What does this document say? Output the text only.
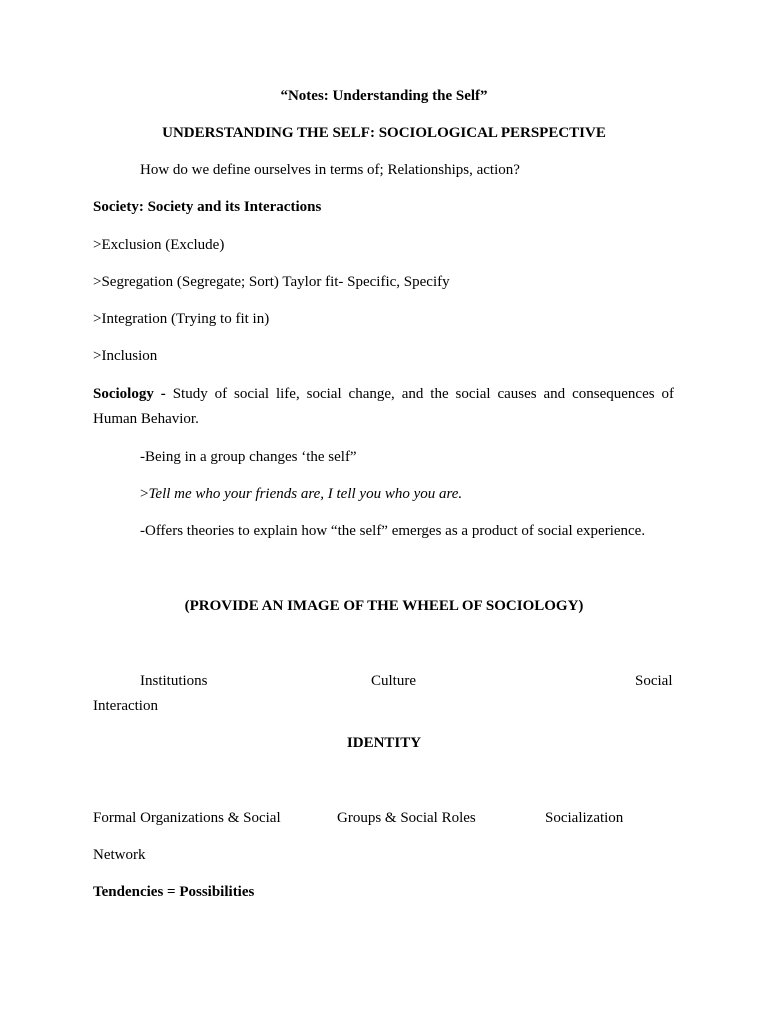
“Notes: Understanding the Self”
UNDERSTANDING THE SELF: SOCIOLOGICAL PERSPECTIVE
How do we define ourselves in terms of; Relationships, action?
Society: Society and its Interactions
>Exclusion (Exclude)
>Segregation (Segregate; Sort) Taylor fit- Specific, Specify
>Integration (Trying to fit in)
>Inclusion
Sociology - Study of social life, social change, and the social causes and consequences of
Human Behavior.
-Being in a group changes ‘the self”
>Tell me who your friends are, I tell you who you are.
-Offers theories to explain how “the self” emerges as a product of social experience.
(PROVIDE AN IMAGE OF THE WHEEL OF SOCIOLOGY)
Institutions	Culture	Social
Interaction
IDENTITY
Formal Organizations & Social	Groups & Social Roles	Socialization
Network
Tendencies = Possibilities
